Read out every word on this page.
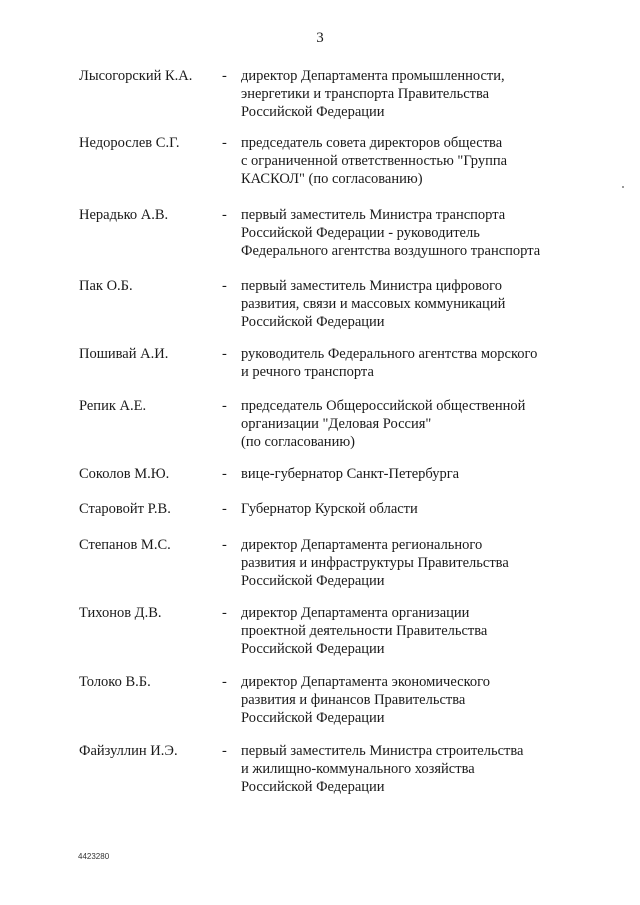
3
Лысогорский К.А. - директор Департамента промышленности,
энергетики и транспорта Правительства
Российской Федерации
Недорослев С.Г.	- председатель совета директоров общества
с ограниченной ответственностью "Группа
КАСКОЛ" (по согласованию)
Нерадько А.В.	- первый заместитель Министра транспорта
Российской Федерации - руководитель
Федерального агентства воздушного транспорта
Пак О.Б.	- первый заместитель Министра цифрового
развития, связи и массовых коммуникаций
Российской Федерации
Пошивай А.И.	- руководитель Федерального агентства морского
и речного транспорта
Репик А.Е.	- председатель Общероссийской общественной
организации "Деловая Россия"
(по согласованию)
Соколов М.Ю.	- вице-губернатор Санкт-Петербурга
Старовойт Р.В.	- Губернатор Курской области
Степанов М.С.	- директор Департамента регионального
развития и инфраструктуры Правительства
Российской Федерации
Тихонов Д.В.	- директор Департамента организации
проектной деятельности Правительства
Российской Федерации
Толоко В.Б.	- директор Департамента экономического
развития и финансов Правительства
Российской Федерации
Файзуллин И.Э.	- первый заместитель Министра строительства
и жилищно-коммунального хозяйства
Российской Федерации
4423280
